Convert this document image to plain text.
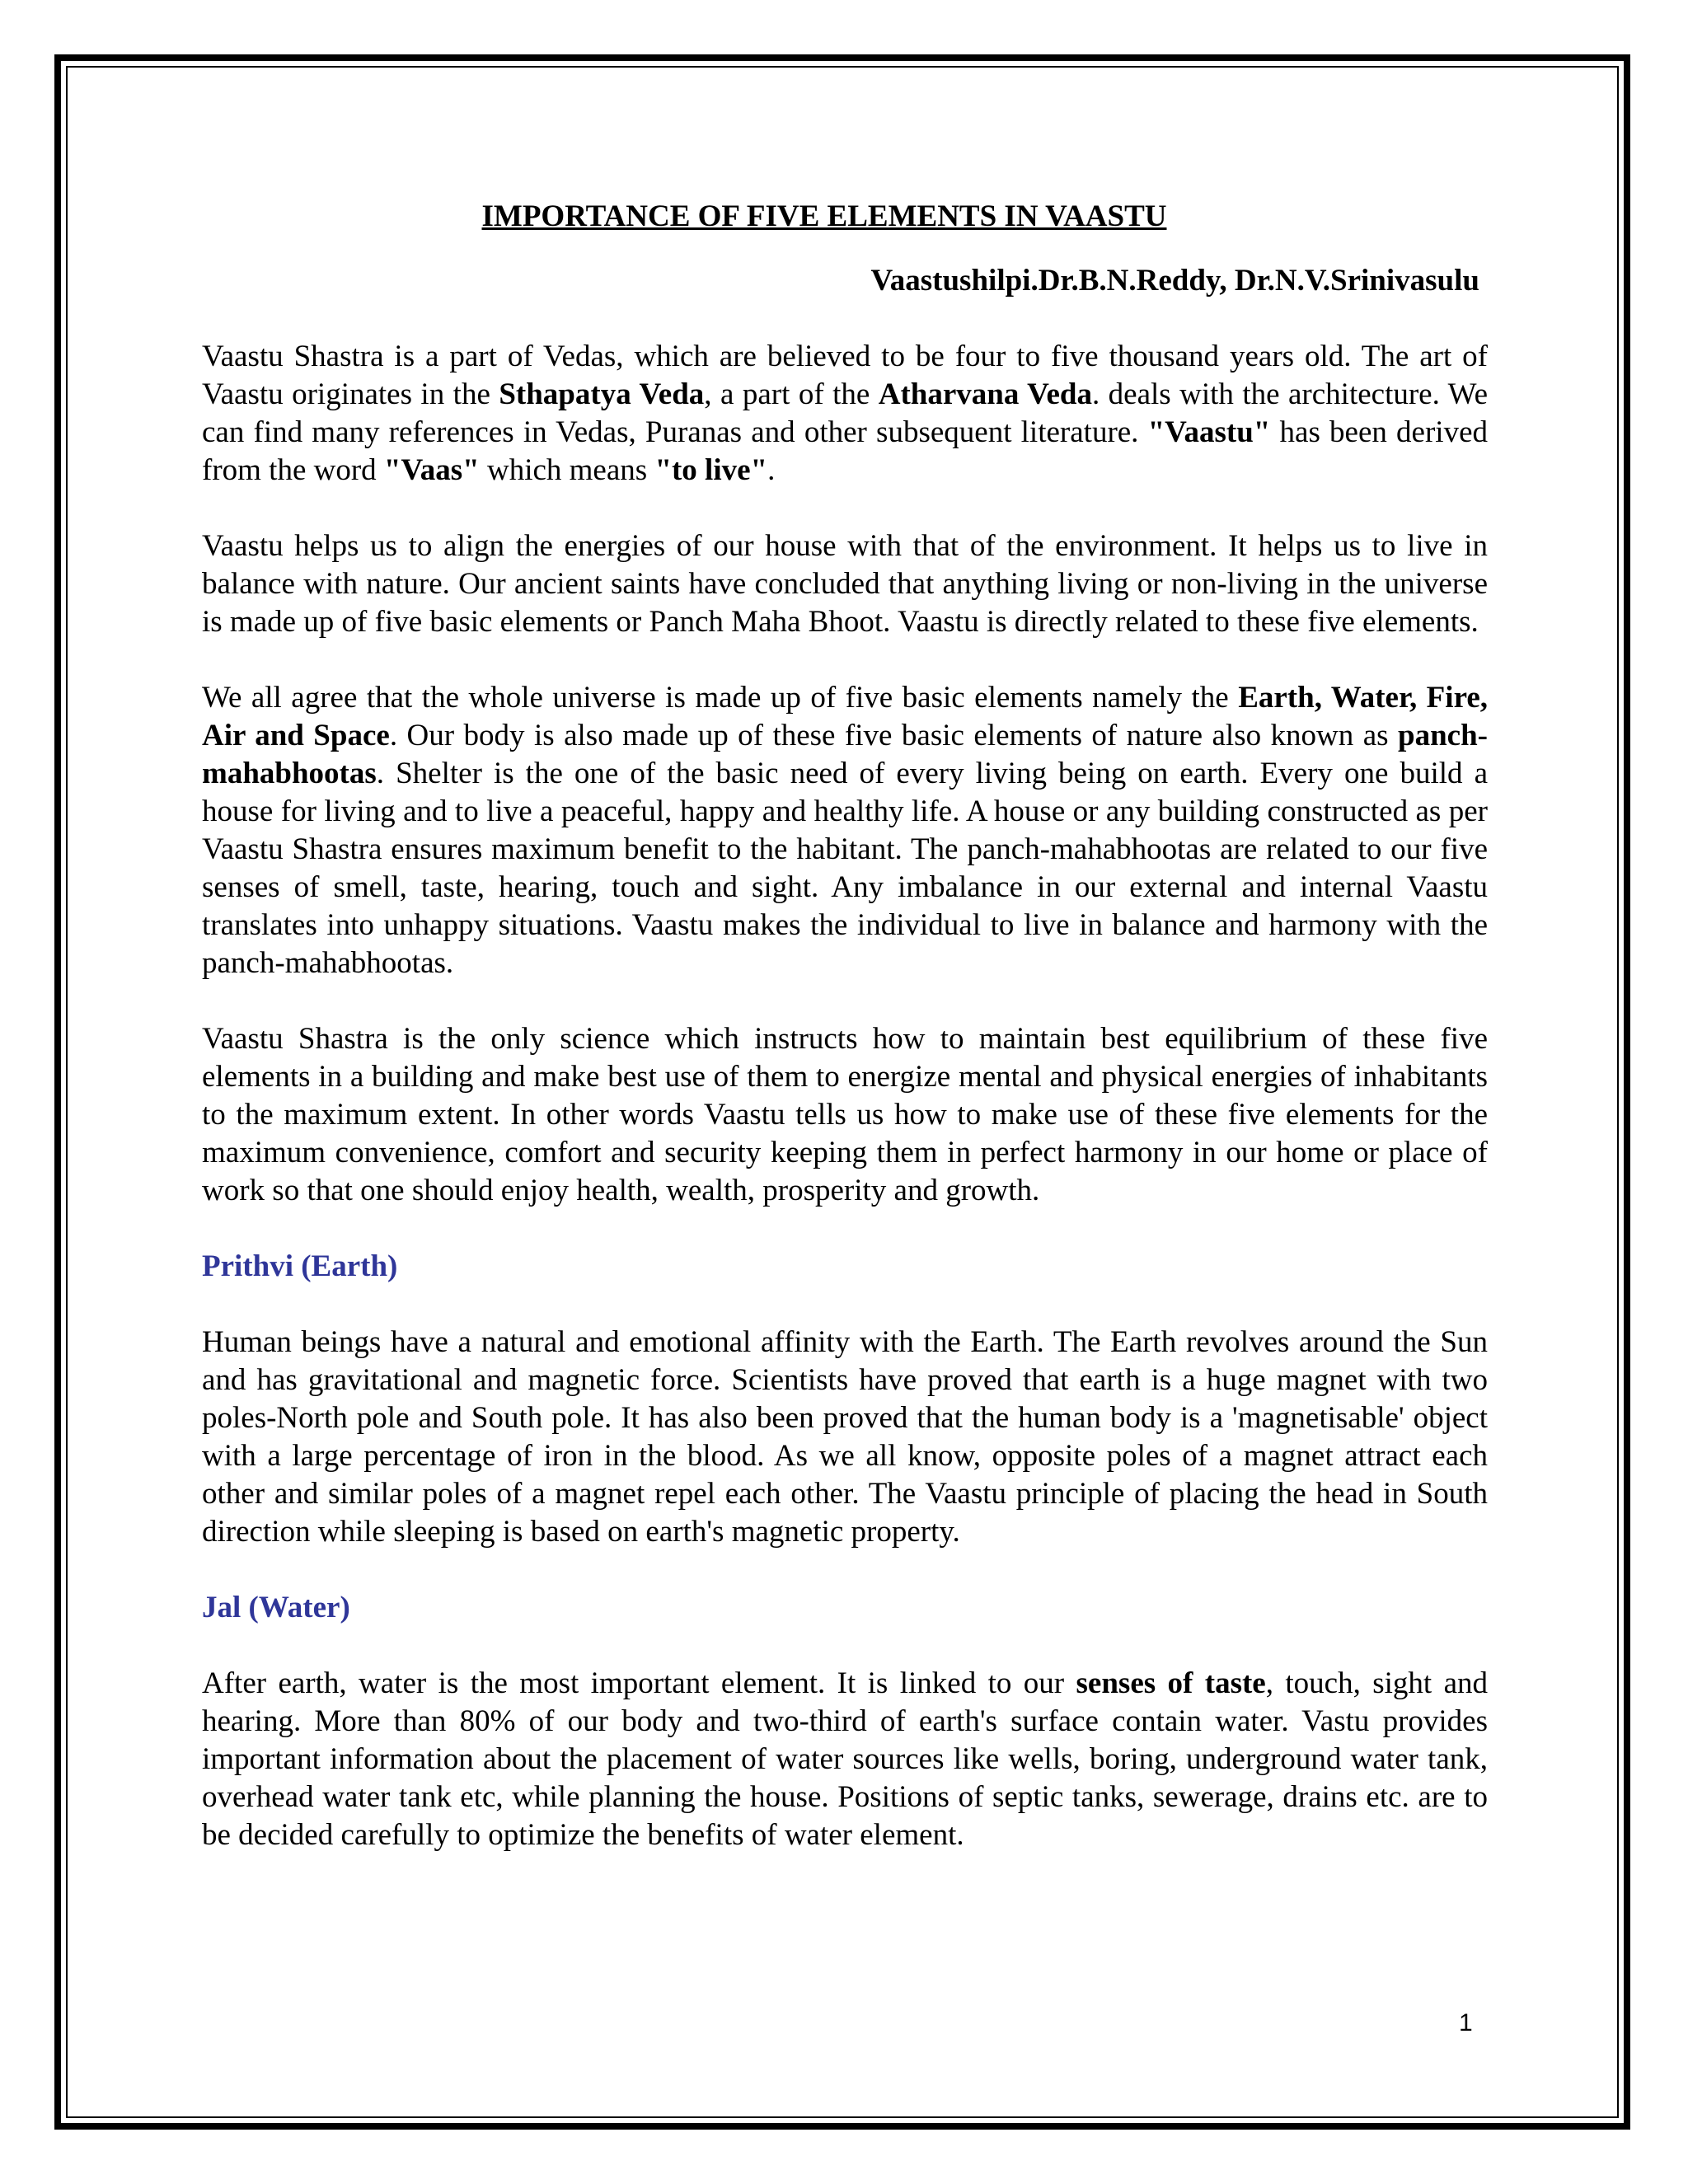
IMPORTANCE OF FIVE ELEMENTS IN VAASTU
Vaastushilpi.Dr.B.N.Reddy, Dr.N.V.Srinivasulu

Vaastu Shastra is a part of Vedas, which are believed to be four to five thousand years old. The art of Vaastu originates in the Sthapatya Veda, a part of the Atharvana Veda. deals with the architecture. We can find many references in Vedas, Puranas and other subsequent literature. "Vaastu" has been derived from the word "Vaas" which means "to live".

Vaastu helps us to align the energies of our house with that of the environment. It helps us to live in balance with nature. Our ancient saints have concluded that anything living or non-living in the universe is made up of five basic elements or Panch Maha Bhoot. Vaastu is directly related to these five elements.

We all agree that the whole universe is made up of five basic elements namely the Earth, Water, Fire, Air and Space. Our body is also made up of these five basic elements of nature also known as panch-mahabhootas. Shelter is the one of the basic need of every living being on earth. Every one build a house for living and to live a peaceful, happy and healthy life. A house or any building constructed as per Vaastu Shastra ensures maximum benefit to the habitant. The panch-mahabhootas are related to our five senses of smell, taste, hearing, touch and sight. Any imbalance in our external and internal Vaastu translates into unhappy situations. Vaastu makes the individual to live in balance and harmony with the panch-mahabhootas.

Vaastu Shastra is the only science which instructs how to maintain best equilibrium of these five elements in a building and make best use of them to energize mental and physical energies of inhabitants to the maximum extent. In other words Vaastu tells us how to make use of these five elements for the maximum convenience, comfort and security keeping them in perfect harmony in our home or place of work so that one should enjoy health, wealth, prosperity and growth.

Prithvi (Earth)

Human beings have a natural and emotional affinity with the Earth. The Earth revolves around the Sun and has gravitational and magnetic force. Scientists have proved that earth is a huge magnet with two poles-North pole and South pole. It has also been proved that the human body is a 'magnetisable' object with a large percentage of iron in the blood. As we all know, opposite poles of a magnet attract each other and similar poles of a magnet repel each other. The Vaastu principle of placing the head in South direction while sleeping is based on earth's magnetic property.

Jal (Water)

After earth, water is the most important element. It is linked to our senses of taste, touch, sight and hearing. More than 80% of our body and two-third of earth's surface contain water. Vastu provides important information about the placement of water sources like wells, boring, underground water tank, overhead water tank etc, while planning the house. Positions of septic tanks, sewerage, drains etc. are to be decided carefully to optimize the benefits of water element.

1
